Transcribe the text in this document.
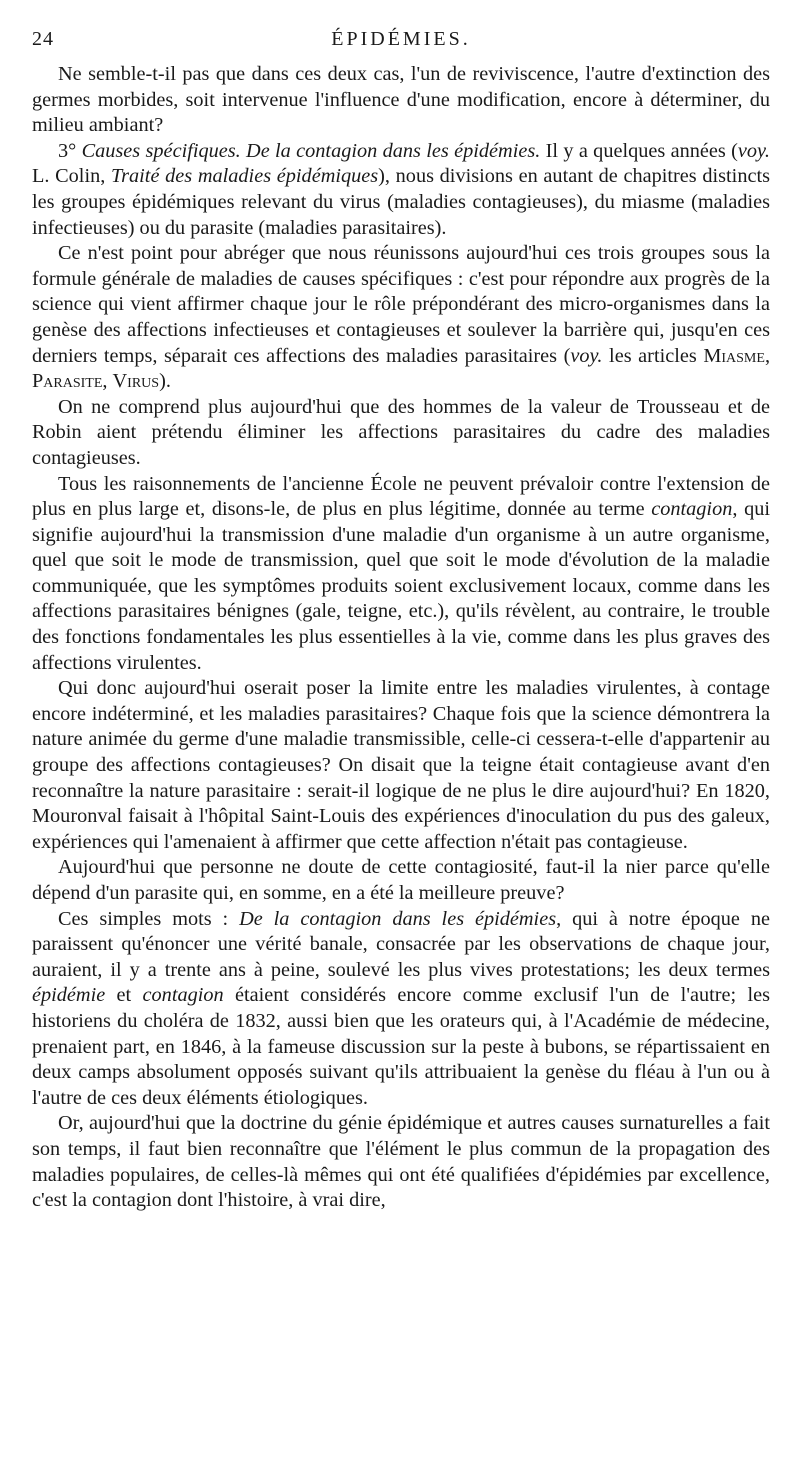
24	ÉPIDÉMIES.

Ne semble-t-il pas que dans ces deux cas, l'un de reviviscence, l'autre d'extinction des germes morbides, soit intervenue l'influence d'une modification, encore à déterminer, du milieu ambiant?

3° Causes spécifiques. De la contagion dans les épidémies. Il y a quelques années (voy. L. Colin, Traité des maladies épidémiques), nous divisions en autant de chapitres distincts les groupes épidémiques relevant du virus (maladies contagieuses), du miasme (maladies infectieuses) ou du parasite (maladies parasitaires).

Ce n'est point pour abréger que nous réunissons aujourd'hui ces trois groupes sous la formule générale de maladies de causes spécifiques : c'est pour répondre aux progrès de la science qui vient affirmer chaque jour le rôle prépondérant des micro-organismes dans la genèse des affections infectieuses et contagieuses et soulever la barrière qui, jusqu'en ces derniers temps, séparait ces affections des maladies parasitaires (voy. les articles Miasme, Parasite, Virus).

On ne comprend plus aujourd'hui que des hommes de la valeur de Trousseau et de Robin aient prétendu éliminer les affections parasitaires du cadre des maladies contagieuses.

Tous les raisonnements de l'ancienne École ne peuvent prévaloir contre l'extension de plus en plus large et, disons-le, de plus en plus légitime, donnée au terme contagion, qui signifie aujourd'hui la transmission d'une maladie d'un organisme à un autre organisme, quel que soit le mode de transmission, quel que soit le mode d'évolution de la maladie communiquée, que les symptômes produits soient exclusivement locaux, comme dans les affections parasitaires bénignes (gale, teigne, etc.), qu'ils révèlent, au contraire, le trouble des fonctions fondamentales les plus essentielles à la vie, comme dans les plus graves des affections virulentes.

Qui donc aujourd'hui oserait poser la limite entre les maladies virulentes, à contage encore indéterminé, et les maladies parasitaires? Chaque fois que la science démontrera la nature animée du germe d'une maladie transmissible, celle-ci cessera-t-elle d'appartenir au groupe des affections contagieuses? On disait que la teigne était contagieuse avant d'en reconnaître la nature parasitaire : serait-il logique de ne plus le dire aujourd'hui? En 1820, Mouronval faisait à l'hôpital Saint-Louis des expériences d'inoculation du pus des galeux, expériences qui l'amenaient à affirmer que cette affection n'était pas contagieuse.

Aujourd'hui que personne ne doute de cette contagiosité, faut-il la nier parce qu'elle dépend d'un parasite qui, en somme, en a été la meilleure preuve?

Ces simples mots : De la contagion dans les épidémies, qui à notre époque ne paraissent qu'énoncer une vérité banale, consacrée par les observations de chaque jour, auraient, il y a trente ans à peine, soulevé les plus vives protestations; les deux termes épidémie et contagion étaient considérés encore comme exclusif l'un de l'autre; les historiens du choléra de 1832, aussi bien que les orateurs qui, à l'Académie de médecine, prenaient part, en 1846, à la fameuse discussion sur la peste à bubons, se répartissaient en deux camps absolument opposés suivant qu'ils attribuaient la genèse du fléau à l'un ou à l'autre de ces deux éléments étiologiques.

Or, aujourd'hui que la doctrine du génie épidémique et autres causes surnaturelles a fait son temps, il faut bien reconnaître que l'élément le plus commun de la propagation des maladies populaires, de celles-là mêmes qui ont été qualifiées d'épidémies par excellence, c'est la contagion dont l'histoire, à vrai dire,
